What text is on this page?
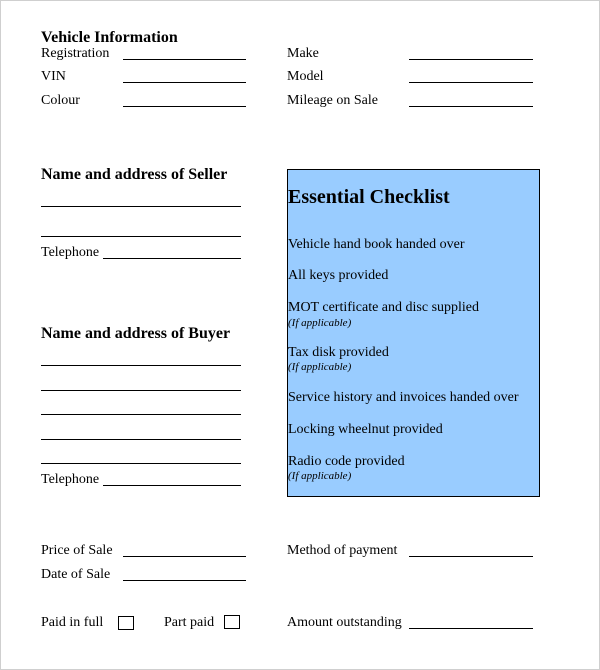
Vehicle Information
Registration
VIN
Colour
Make
Model
Mileage on Sale
Name and address of Seller
Telephone
Name and address of Buyer
Telephone
Essential Checklist
Vehicle hand book handed over
All keys provided
MOT certificate and disc supplied
(If applicable)
Tax disk provided
(If applicable)
Service history and invoices handed over
Locking wheelnut provided
Radio code provided
(If applicable)
Price of Sale
Date of Sale
Method of payment
Paid in full	Part paid	Amount outstanding
